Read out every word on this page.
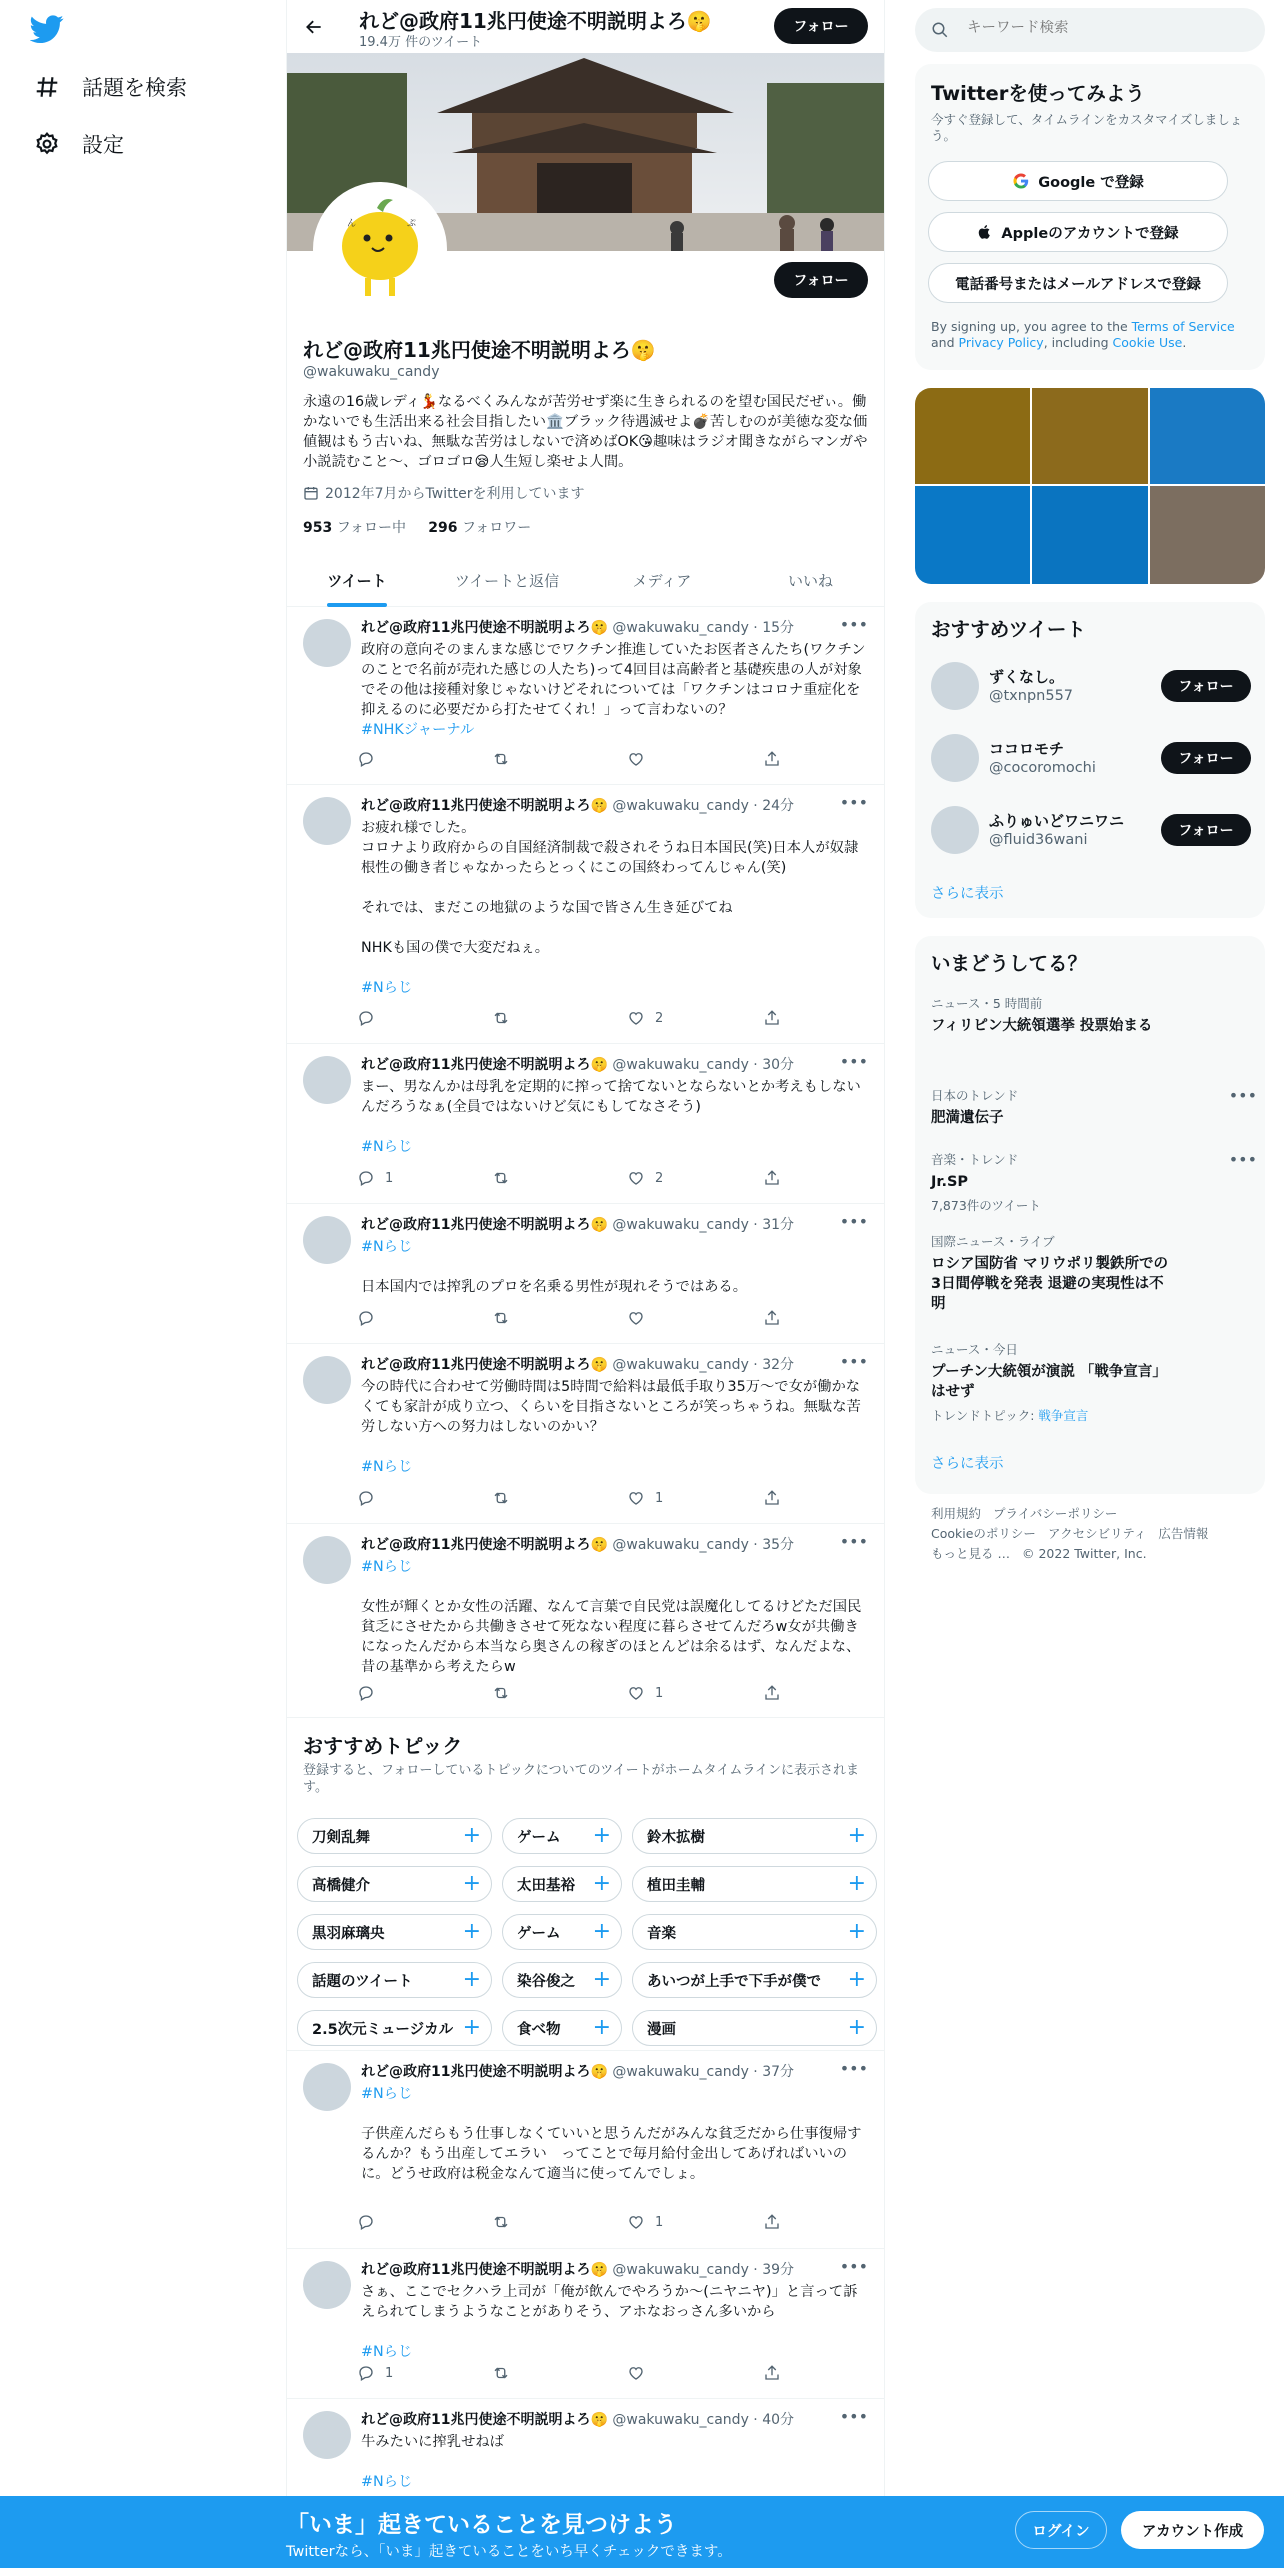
話題を検索
設定
れど@政府11兆円使途不明説明よろ🤫
19.4万 件のツイート
フォロー
ん	ぷ
フォロー
れど@政府11兆円使途不明説明よろ🤫
@wakuwaku_candy
永遠の16歳レディ💃なるべくみんなが苦労せず楽に生きられるのを望む国民だぜぃ。働かないでも生活出来る社会目指したい🏛️ブラック待遇滅せよ💣苦しむのが美徳な変な価値観はもう古いね、無駄な苦労はしないで済めばOK😘趣味はラジオ聞きながらマンガや小説読むこと～、ゴロゴロ😪人生短し楽せよ人間。
2012年7月からTwitterを利用しています
953 フォロー中 296 フォロワー
ツイート	ツイートと返信	メディア	いいね
れど@政府11兆円使途不明説明よろ🤫 @wakuwaku_candy · 15分	•••
政府の意向そのまんまな感じでワクチン推進していたお医者さんたち(ワクチンのことで名前が売れた感じの人たち)って4回目は高齢者と基礎疾患の人が対象でその他は接種対象じゃないけどそれについては「ワクチンはコロナ重症化を抑えるのに必要だから打たせてくれ！」って言わないの？
#NHKジャーナル
れど@政府11兆円使途不明説明よろ🤫 @wakuwaku_candy · 24分	•••
お疲れ様でした。
コロナより政府からの自国経済制裁で殺されそうね日本国民(笑)日本人が奴隷根性の働き者じゃなかったらとっくにこの国終わってんじゃん(笑)

それでは、まだこの地獄のような国で皆さん生き延びてね

NHKも国の僕で大変だねぇ。

#Nらじ
2
れど@政府11兆円使途不明説明よろ🤫 @wakuwaku_candy · 30分	•••
まー、男なんかは母乳を定期的に搾って捨てないとならないとか考えもしないんだろうなぁ(全員ではないけど気にもしてなさそう)

#Nらじ
1	2
れど@政府11兆円使途不明説明よろ🤫 @wakuwaku_candy · 31分	•••
#Nらじ

日本国内では搾乳のプロを名乗る男性が現れそうではある。
れど@政府11兆円使途不明説明よろ🤫 @wakuwaku_candy · 32分	•••
今の時代に合わせて労働時間は5時間で給料は最低手取り35万～で女が働かなくても家計が成り立つ、くらいを目指さないところが笑っちゃうね。無駄な苦労しない方への努力はしないのかい？

#Nらじ
1
れど@政府11兆円使途不明説明よろ🤫 @wakuwaku_candy · 35分	•••
#Nらじ

女性が輝くとか女性の活躍、なんて言葉で自民党は誤魔化してるけどただ国民貧乏にさせたから共働きさせて死なない程度に暮らさせてんだろw女が共働きになったんだから本当なら奥さんの稼ぎのほとんどは余るはず、なんだよな、昔の基準から考えたらw
1
れど@政府11兆円使途不明説明よろ🤫 @wakuwaku_candy · 37分	•••
#Nらじ

子供産んだらもう仕事しなくていいと思うんだがみんな貧乏だから仕事復帰するんか？もう出産してエラい　ってことで毎月給付金出してあげればいいのに。どうせ政府は税金なんて適当に使ってんでしょ。
1
れど@政府11兆円使途不明説明よろ🤫 @wakuwaku_candy · 39分	•••
さぁ、ここでセクハラ上司が「俺が飲んでやろうか～(ニヤニヤ)」と言って訴えられてしまうようなことがありそう、アホなおっさん多いから

#Nらじ
1
れど@政府11兆円使途不明説明よろ🤫 @wakuwaku_candy · 40分	•••
牛みたいに搾乳せねば

#Nらじ
おすすめトピック
登録すると、フォローしているトピックについてのツイートがホームタイムラインに表示されます。
刀剣乱舞	+ ゲーム + 鈴木拡樹	+
高橋健介	+ 太田基裕 + 植田圭輔	+
黒羽麻璃央	+ ゲーム + 音楽	+
話題のツイート + 染谷俊之 + あいつが上手で下手が僕で +
2.5次元ミュージカル + 食べ物 + 漫画	+
キーワード検索
Twitterを使ってみよう
今すぐ登録して、タイムラインをカスタマイズしましょう。
Google で登録
Appleのアカウントで登録
電話番号またはメールアドレスで登録
By signing up, you agree to the Terms of Service and Privacy Policy, including Cookie Use.
おすすめツイート
ずくなし。
@txnpn557
フォロー
ココロモチ
@cocoromochi
フォロー
ふりゅいどワニワニ
@fluid36wani
フォロー
さらに表示
いまどうしてる？
ニュース・5 時間前
フィリピン大統領選挙 投票始まる
日本のトレンド
肥満遺伝子
•••
音楽・トレンド
Jr.SP
7,873件のツイート
•••
国際ニュース・ライブ
ロシア国防省 マリウポリ製鉄所での3日間停戦を発表 退避の実現性は不明
ニュース・今日
プーチン大統領が演説 「戦争宣言」はせず
トレンドトピック: 戦争宣言
さらに表示
利用規約 プライバシーポリシー
Cookieのポリシー アクセシビリティ 広告情報
もっと見る … © 2022 Twitter, Inc.
「いま」起きていることを見つけよう
Twitterなら、「いま」起きていることをいち早くチェックできます。
ログイン	アカウント作成
